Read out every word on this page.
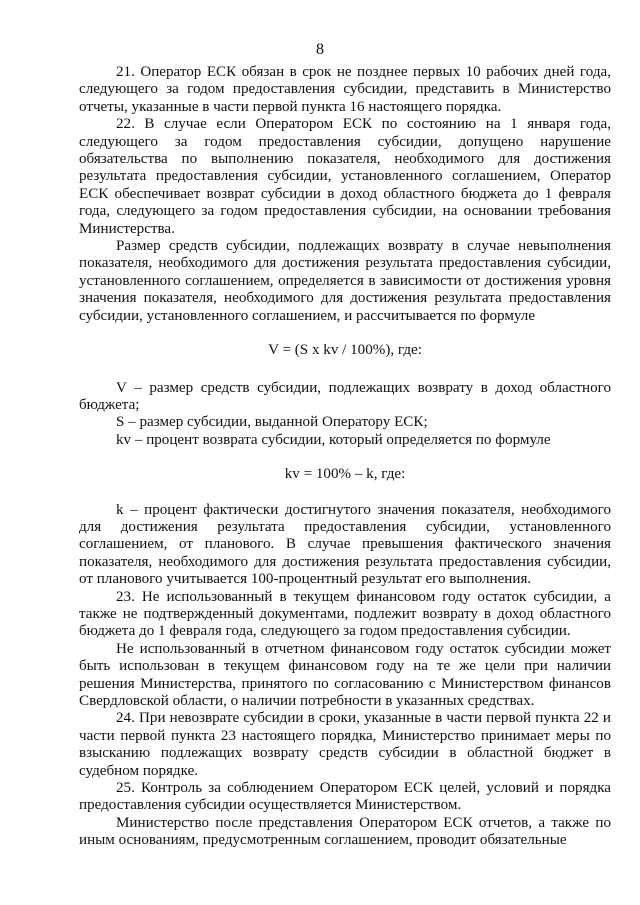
8

21. Оператор ЕСК обязан в срок не позднее первых 10 рабочих дней года, следующего за годом предоставления субсидии, представить в Министерство отчеты, указанные в части первой пункта 16 настоящего порядка.

22. В случае если Оператором ЕСК по состоянию на 1 января года, следующего за годом предоставления субсидии, допущено нарушение обязательства по выполнению показателя, необходимого для достижения результата предоставления субсидии, установленного соглашением, Оператор ЕСК обеспечивает возврат субсидии в доход областного бюджета до 1 февраля года, следующего за годом предоставления субсидии, на основании требования Министерства.

Размер средств субсидии, подлежащих возврату в случае невыполнения показателя, необходимого для достижения результата предоставления субсидии, установленного соглашением, определяется в зависимости от достижения уровня значения показателя, необходимого для достижения результата предоставления субсидии, установленного соглашением, и рассчитывается по формуле

V = (S x kv / 100%), где:

V – размер средств субсидии, подлежащих возврату в доход областного бюджета;

S – размер субсидии, выданной Оператору ЕСК;

kv – процент возврата субсидии, который определяется по формуле

kv = 100% – k, где:

k – процент фактически достигнутого значения показателя, необходимого для достижения результата предоставления субсидии, установленного соглашением, от планового. В случае превышения фактического значения показателя, необходимого для достижения результата предоставления субсидии, от планового учитывается 100-процентный результат его выполнения.

23. Не использованный в текущем финансовом году остаток субсидии, а также не подтвержденный документами, подлежит возврату в доход областного бюджета до 1 февраля года, следующего за годом предоставления субсидии.

Не использованный в отчетном финансовом году остаток субсидии может быть использован в текущем финансовом году на те же цели при наличии решения Министерства, принятого по согласованию с Министерством финансов Свердловской области, о наличии потребности в указанных средствах.

24. При невозврате субсидии в сроки, указанные в части первой пункта 22 и части первой пункта 23 настоящего порядка, Министерство принимает меры по взысканию подлежащих возврату средств субсидии в областной бюджет в судебном порядке.

25. Контроль за соблюдением Оператором ЕСК целей, условий и порядка предоставления субсидии осуществляется Министерством.

Министерство после представления Оператором ЕСК отчетов, а также по иным основаниям, предусмотренным соглашением, проводит обязательные
